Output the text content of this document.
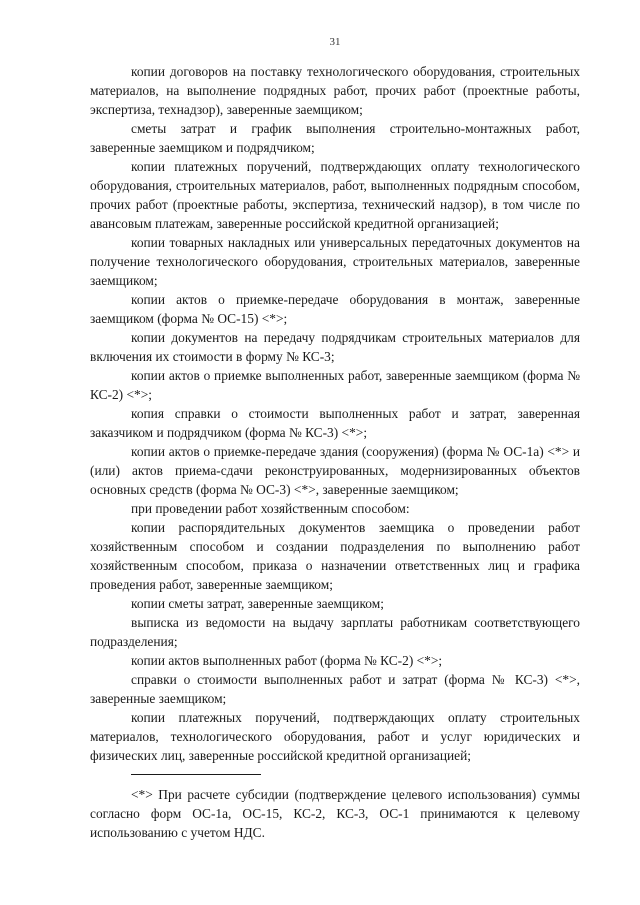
31

копии договоров на поставку технологического оборудования, строительных материалов, на выполнение подрядных работ, прочих работ (проектные работы, экспертиза, технадзор), заверенные заемщиком;

сметы затрат и график выполнения строительно-монтажных работ, заверенные заемщиком и подрядчиком;

копии платежных поручений, подтверждающих оплату технологического оборудования, строительных материалов, работ, выполненных подрядным способом, прочих работ (проектные работы, экспертиза, технический надзор), в том числе по авансовым платежам, заверенные российской кредитной организацией;

копии товарных накладных или универсальных передаточных документов на получение технологического оборудования, строительных материалов, заверенные заемщиком;

копии актов о приемке-передаче оборудования в монтаж, заверенные заемщиком (форма № ОС-15) <*>;

копии документов на передачу подрядчикам строительных материалов для включения их стоимости в форму № КС-3;

копии актов о приемке выполненных работ, заверенные заемщиком (форма № КС-2) <*>;

копия справки о стоимости выполненных работ и затрат, заверенная заказчиком и подрядчиком (форма № КС-3) <*>;

копии актов о приемке-передаче здания (сооружения) (форма № ОС-1а) <*> и (или) актов приема-сдачи реконструированных, модернизированных объектов основных средств (форма № ОС-3) <*>, заверенные заемщиком;

при проведении работ хозяйственным способом:

копии распорядительных документов заемщика о проведении работ хозяйственным способом и создании подразделения по выполнению работ хозяйственным способом, приказа о назначении ответственных лиц и графика проведения работ, заверенные заемщиком;

копии сметы затрат, заверенные заемщиком;

выписка из ведомости на выдачу зарплаты работникам соответствующего подразделения;

копии актов выполненных работ (форма № КС-2) <*>;

справки о стоимости выполненных работ и затрат (форма № КС-3) <*>, заверенные заемщиком;

копии платежных поручений, подтверждающих оплату строительных материалов, технологического оборудования, работ и услуг юридических и физических лиц, заверенные российской кредитной организацией;

<*> При расчете субсидии (подтверждение целевого использования) суммы согласно форм ОС-1а, ОС-15, КС-2, КС-3, ОС-1 принимаются к целевому использованию с учетом НДС.
